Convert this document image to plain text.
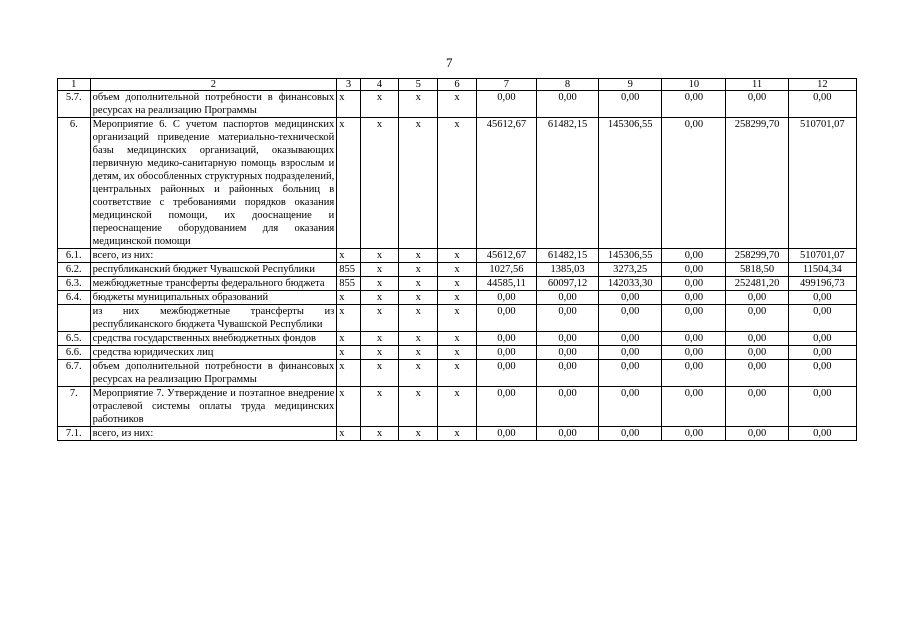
7
1	2	3	4	5	6	7	8	9	10	11	12
5.7.	объем дополнительной потребности в финансовых ресурсах на реализацию Программы	x	x	x	x	0,00	0,00	0,00	0,00	0,00	0,00
6.	Мероприятие 6. С учетом паспортов медицинских организаций приведение материально-технической базы медицинских организаций, оказывающих первичную медико-санитарную помощь взрослым и детям, их обособленных структурных подразделений, центральных районных и районных больниц в соответствие с требованиями порядков оказания медицинской помощи, их дооснащение и переоснащение оборудованием для оказания медицинской помощи	x	x	x	x	45612,67	61482,15	145306,55	0,00	258299,70	510701,07
6.1.	всего, из них:	x	x	x	x	45612,67	61482,15	145306,55	0,00	258299,70	510701,07
6.2.	республиканский бюджет Чувашской Республики	855	x	x	x	1027,56	1385,03	3273,25	0,00	5818,50	11504,34
6.3.	межбюджетные трансферты федерального бюджета	855	x	x	x	44585,11	60097,12	142033,30	0,00	252481,20	499196,73
6.4.	бюджеты муниципальных образований	x	x	x	x	0,00	0,00	0,00	0,00	0,00	0,00
	из них межбюджетные трансферты из республиканского бюджета Чувашской Республики	x	x	x	x	0,00	0,00	0,00	0,00	0,00	0,00
6.5.	средства государственных внебюджетных фондов	x	x	x	x	0,00	0,00	0,00	0,00	0,00	0,00
6.6.	средства юридических лиц	x	x	x	x	0,00	0,00	0,00	0,00	0,00	0,00
6.7.	объем дополнительной потребности в финансовых ресурсах на реализацию Программы	x	x	x	x	0,00	0,00	0,00	0,00	0,00	0,00
7.	Мероприятие 7. Утверждение и поэтапное внедрение отраслевой системы оплаты труда медицинских работников	x	x	x	x	0,00	0,00	0,00	0,00	0,00	0,00
7.1.	всего, из них:	x	x	x	x	0,00	0,00	0,00	0,00	0,00	0,00
